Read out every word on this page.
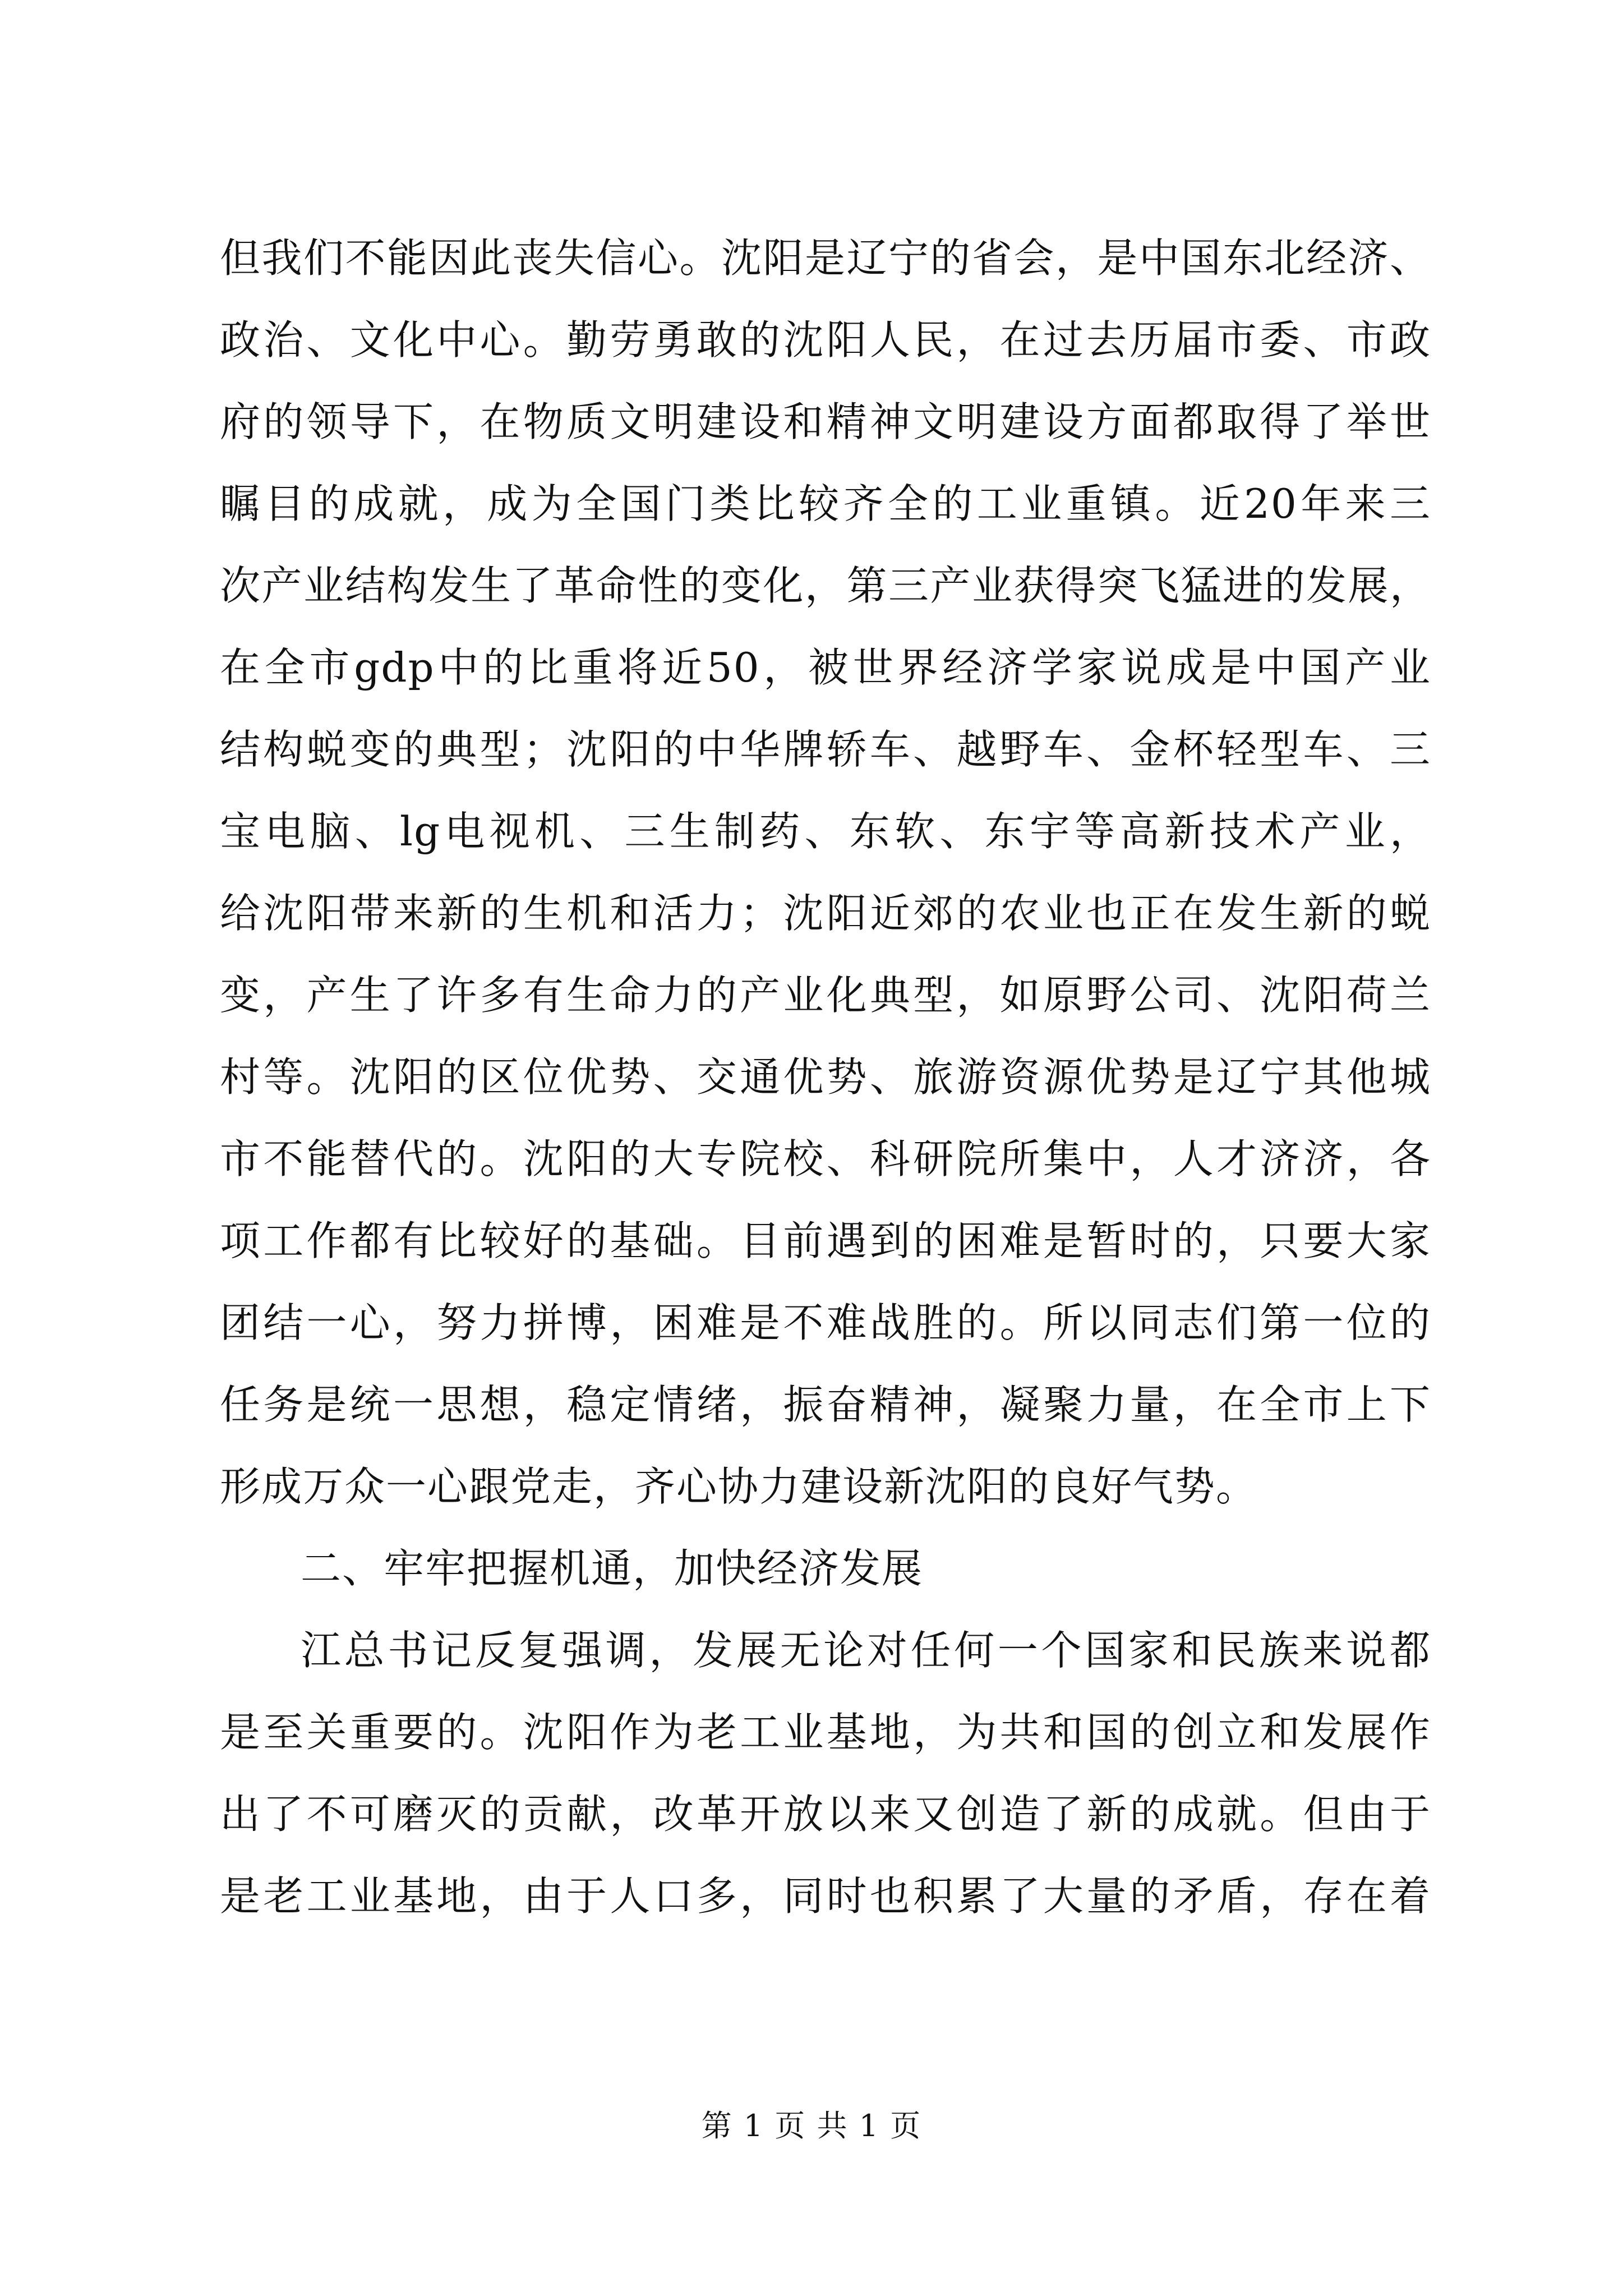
但我们不能因此丧失信心。沈阳是辽宁的省会，是中国东北经济、
政治、文化中心。勤劳勇敢的沈阳人民，在过去历届市委、市政
府的领导下，在物质文明建设和精神文明建设方面都取得了举世
瞩目的成就，成为全国门类比较齐全的工业重镇。近20年来三
次产业结构发生了革命性的变化，第三产业获得突飞猛进的发展，
在全市gdp中的比重将近50，被世界经济学家说成是中国产业
结构蜕变的典型；沈阳的中华牌轿车、越野车、金杯轻型车、三
宝电脑、lg电视机、三生制药、东软、东宇等高新技术产业，
给沈阳带来新的生机和活力；沈阳近郊的农业也正在发生新的蜕
变，产生了许多有生命力的产业化典型，如原野公司、沈阳荷兰
村等。沈阳的区位优势、交通优势、旅游资源优势是辽宁其他城
市不能替代的。沈阳的大专院校、科研院所集中，人才济济，各
项工作都有比较好的基础。目前遇到的困难是暂时的，只要大家
团结一心，努力拼博，困难是不难战胜的。所以同志们第一位的
任务是统一思想，稳定情绪，振奋精神，凝聚力量，在全市上下
形成万众一心跟党走，齐心协力建设新沈阳的良好气势。
二、牢牢把握机通，加快经济发展
江总书记反复强调，发展无论对任何一个国家和民族来说都
是至关重要的。沈阳作为老工业基地，为共和国的创立和发展作
出了不可磨灭的贡献，改革开放以来又创造了新的成就。但由于
是老工业基地，由于人口多，同时也积累了大量的矛盾，存在着
第 1 页 共 1 页
